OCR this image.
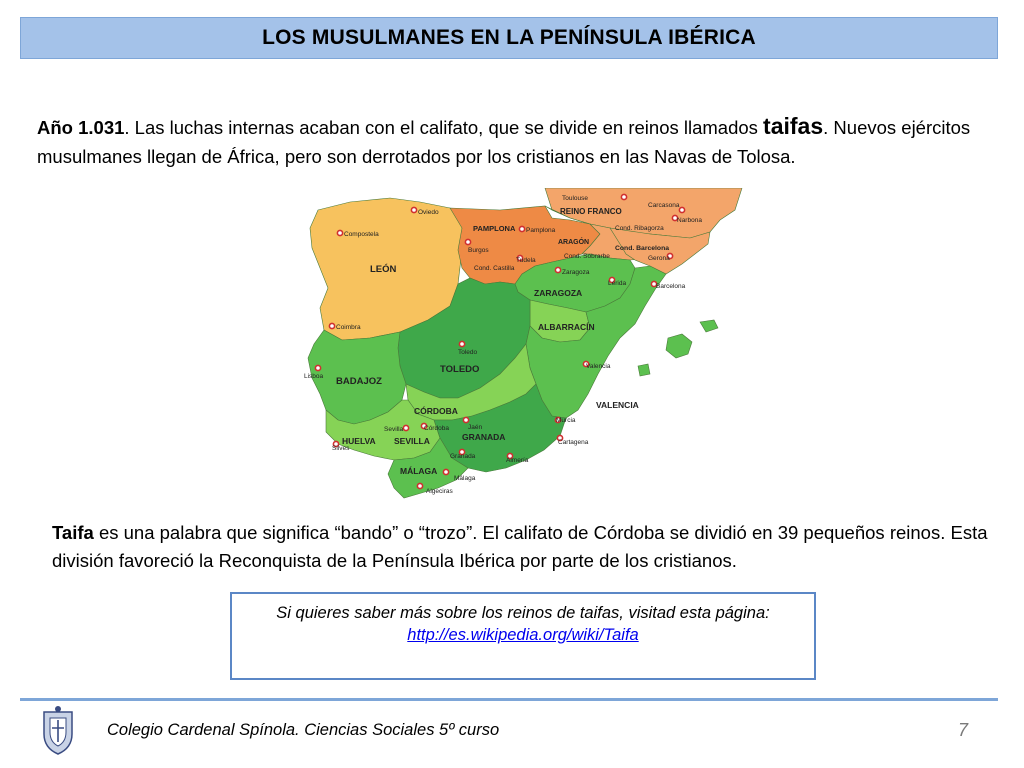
LOS MUSULMANES EN LA PENÍNSULA IBÉRICA

Año 1.031. Las luchas internas acaban con el califato, que se divide en reinos llamados taifas. Nuevos ejércitos musulmanes llegan de África, pero son derrotados por los cristianos en las Navas de Tolosa.

LEÓN
PAMPLONA
ARAGÓN
REINO FRANCO
Cond. Barcelona
Cond. Ribagorza
Cond. Sobrarbe
Cond. Castilla
ZARAGOZA
ALBARRACÍN
TOLEDO
BADAJOZ
VALENCIA
CÓRDOBA
SEVILLA
HUELVA	GRANADA
MÁLAGA
Oviedo
Compostela
Coimbra
Lisboa
Silves
Toulouse
Carcasona
Narbona
Pamplona
Burgos
Tudela
Zaragoza
Lérida
Gerona
Barcelona
Toledo
Valencia
Sevilla	Córdoba	Jaén
Granada
Almería
Murcia
Cartagena
Málaga
Algeciras

Taifa es una palabra que significa “bando” o “trozo”. El califato de Córdoba se dividió en 39 pequeños reinos. Esta división favoreció la Reconquista de la Península Ibérica por parte de los cristianos.

Si quieres saber más sobre los reinos de taifas, visitad esta página:
http://es.wikipedia.org/wiki/Taifa
Colegio Cardenal Spínola. Ciencias Sociales 5º curso	7
